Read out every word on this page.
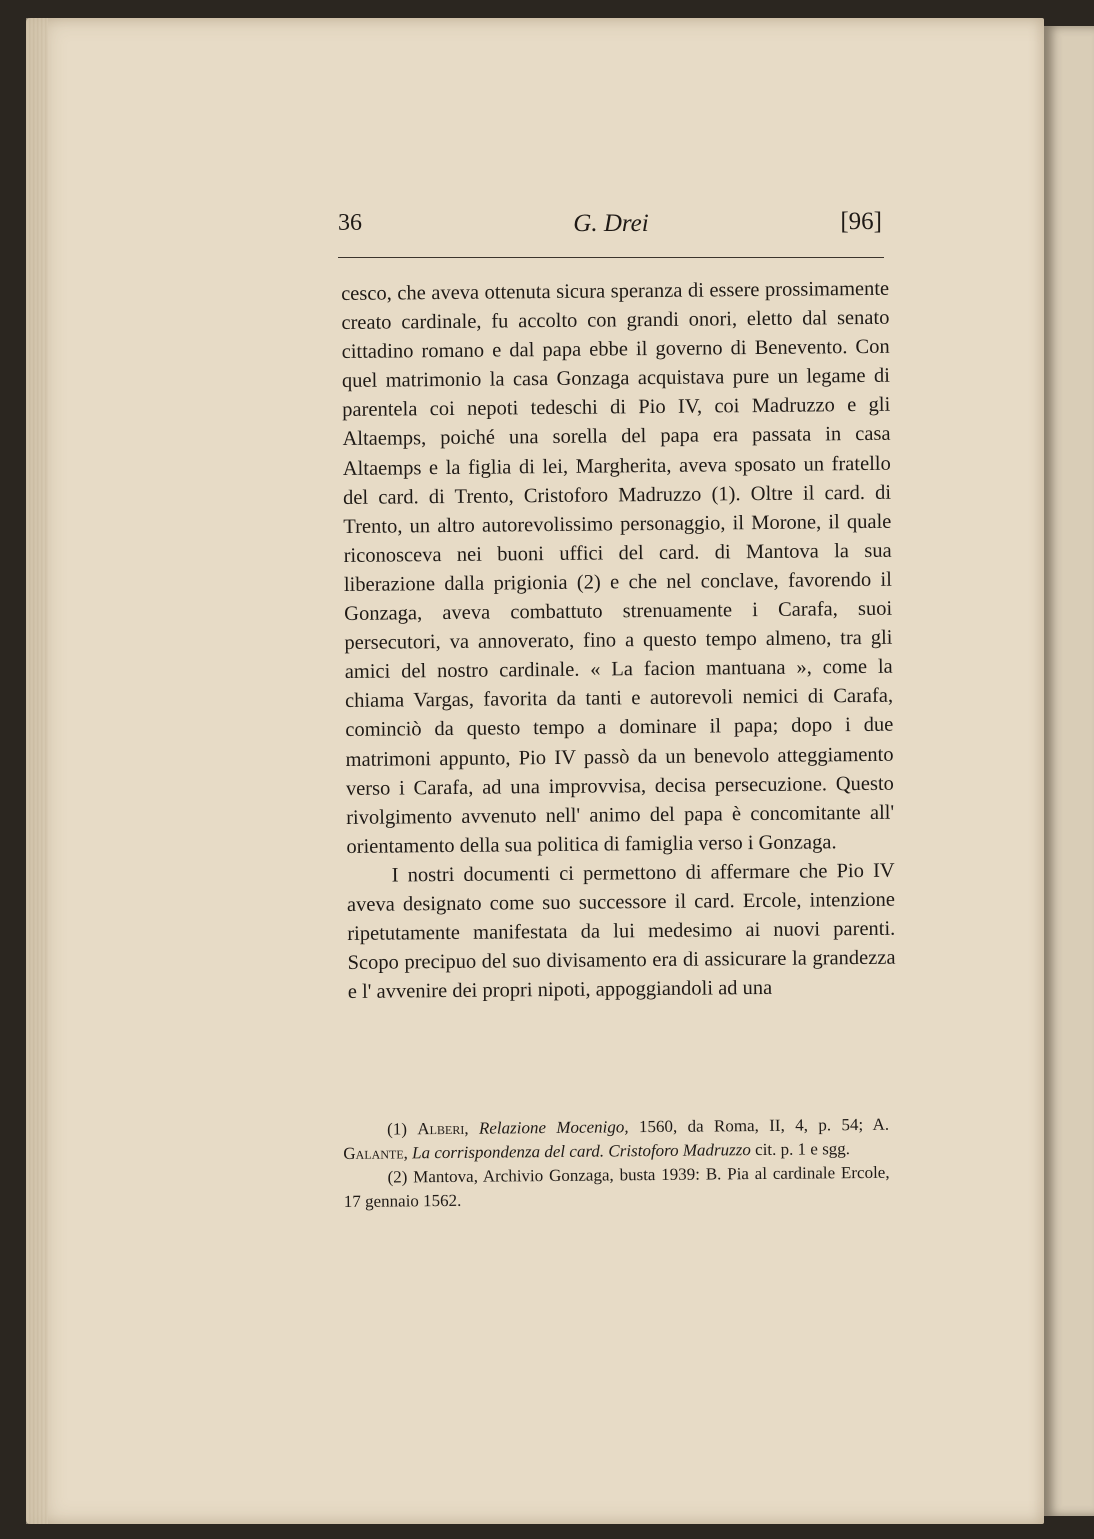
36	G. Drei	[96]

cesco, che aveva ottenuta sicura speranza di essere prossimamente creato cardinale, fu accolto con grandi onori, eletto dal senato cittadino romano e dal papa ebbe il governo di Benevento. Con quel matrimonio la casa Gonzaga acquistava pure un legame di parentela coi nepoti tedeschi di Pio IV, coi Madruzzo e gli Altaemps, poiché una sorella del papa era passata in casa Altaemps e la figlia di lei, Margherita, aveva sposato un fratello del card. di Trento, Cristoforo Madruzzo (1). Oltre il card. di Trento, un altro autorevolissimo personaggio, il Morone, il quale riconosceva nei buoni uffici del card. di Mantova la sua liberazione dalla prigionia (2) e che nel conclave, favorendo il Gonzaga, aveva combattuto strenuamente i Carafa, suoi persecutori, va annoverato, fino a questo tempo almeno, tra gli amici del nostro cardinale. « La facion mantuana », come la chiama Vargas, favorita da tanti e autorevoli nemici di Carafa, cominciò da questo tempo a dominare il papa; dopo i due matrimoni appunto, Pio IV passò da un benevolo atteggiamento verso i Carafa, ad una improvvisa, decisa persecuzione. Questo rivolgimento avvenuto nell' animo del papa è concomitante all' orientamento della sua politica di famiglia verso i Gonzaga.

I nostri documenti ci permettono di affermare che Pio IV aveva designato come suo successore il card. Ercole, intenzione ripetutamente manifestata da lui medesimo ai nuovi parenti. Scopo precipuo del suo divisamento era di assicurare la grandezza e l' avvenire dei propri nipoti, appoggiandoli ad una

(1) Alberi, Relazione Mocenigo, 1560, da Roma, II, 4, p. 54; A. Galante, La corrispondenza del card. Cristoforo Madruzzo cit. p. 1 e sgg.

(2) Mantova, Archivio Gonzaga, busta 1939: B. Pia al cardinale Ercole, 17 gennaio 1562.
